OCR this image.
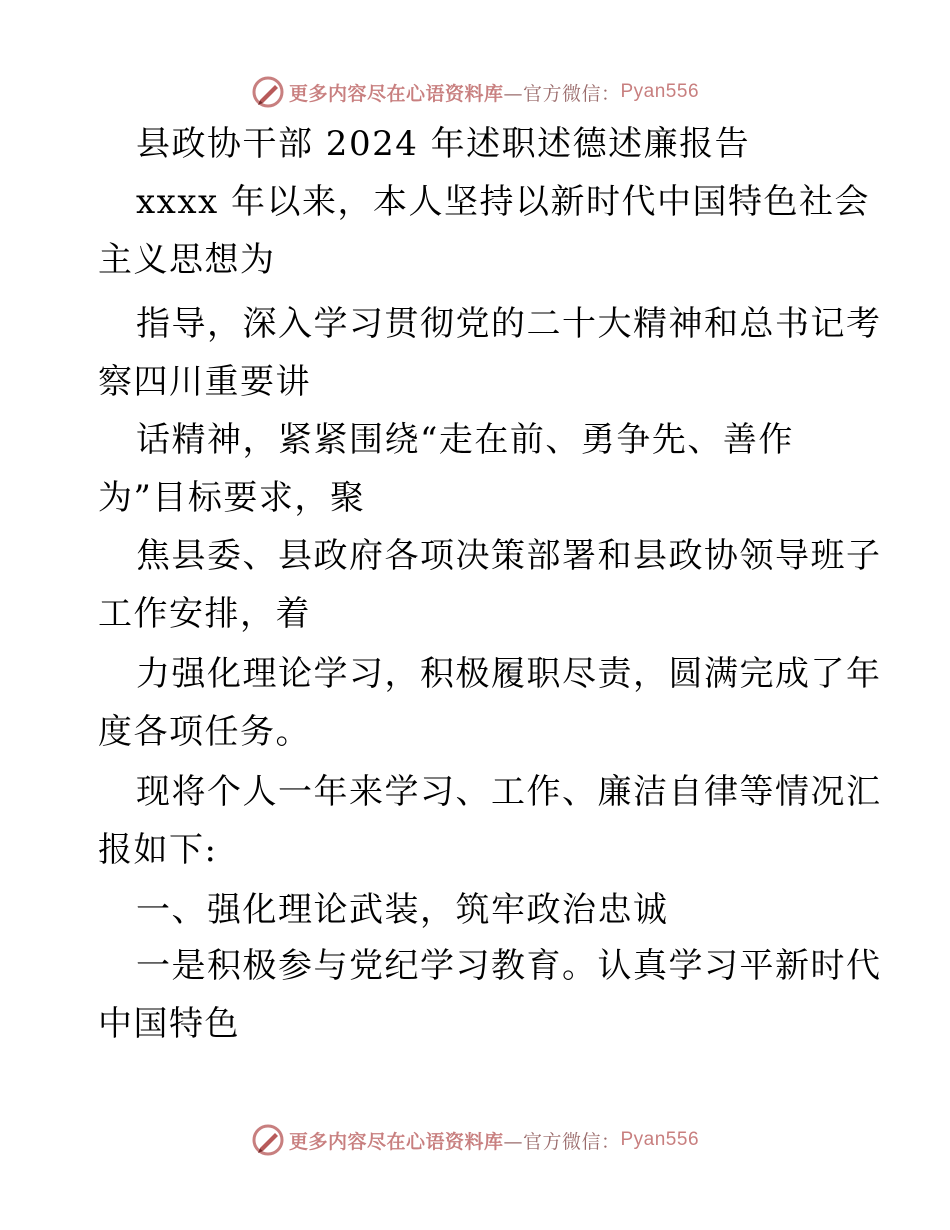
更多内容尽在心语资料库 —官方微信： Pyan556
县政协干部 2024 年述职述德述廉报告
xxxx 年以来，本人坚持以新时代中国特色社会
主义思想为
指导，深入学习贯彻党的二十大精神和总书记考
察四川重要讲
话精神，紧紧围绕“走在前、勇争先、善作
为”目标要求，聚
焦县委、县政府各项决策部署和县政协领导班子
工作安排，着
力强化理论学习，积极履职尽责，圆满完成了年
度各项任务。
现将个人一年来学习、工作、廉洁自律等情况汇
报如下:
一、强化理论武装，筑牢政治忠诚
一是积极参与党纪学习教育。认真学习平新时代
中国特色
更多内容尽在心语资料库 —官方微信： Pyan556
